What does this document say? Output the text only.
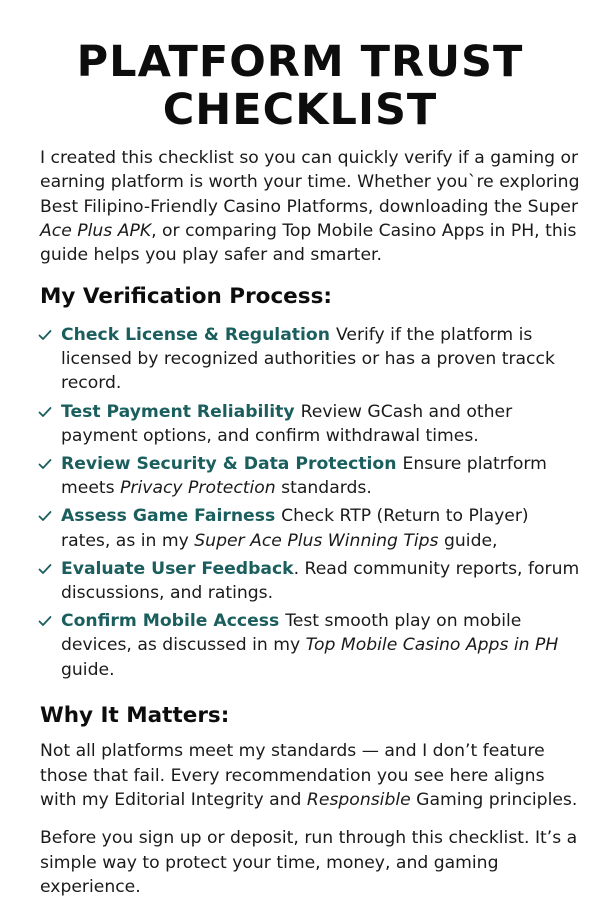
PLATFORM TRUST CHECKLIST

I created this checklist so you can quickly verify if a gaming or earning platform is worth your time. Whether you`re exploring Best Filipino-Friendly Casino Platforms, downloading the Super Ace Plus APK, or comparing Top Mobile Casino Apps in PH, this guide helps you play safer and smarter.

My Verification Process:
Check License & Regulation Verify if the platform is licensed by recognized authorities or has a proven tracck record.
Test Payment Reliability Review GCash and other payment options, and confirm withdrawal times.
Review Security & Data Protection Ensure platrform meets Privacy Protection standards.
Assess Game Fairness Check RTP (Return to Player) rates, as in my Super Ace Plus Winning Tips guide,
Evaluate User Feedback. Read community reports, forum discussions, and ratings.
Confirm Mobile Access Test smooth play on mobile devices, as discussed in my Top Mobile Casino Apps in PH guide.
Why It Matters:

Not all platforms meet my standards — and I don’t feature those that fail. Every recommendation you see here aligns with my Editorial Integrity and Responsible Gaming principles.

Before you sign up or deposit, run through this checklist. It’s a simple way to protect your time, money, and gaming experience.
